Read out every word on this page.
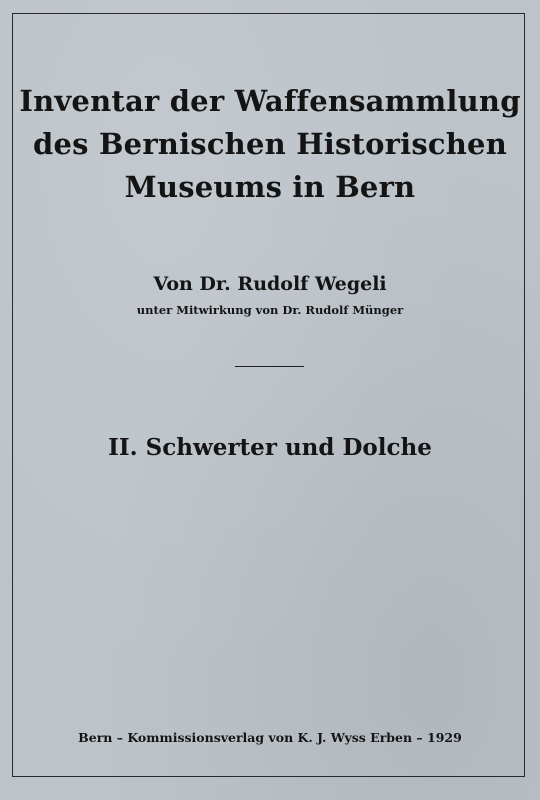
Inventar der Waffensammlung
des Bernischen Historischen
Museums in Bern
Von Dr. Rudolf Wegeli
unter Mitwirkung von Dr. Rudolf Münger
II. Schwerter und Dolche
Bern – Kommissionsverlag von K. J. Wyss Erben – 1929
